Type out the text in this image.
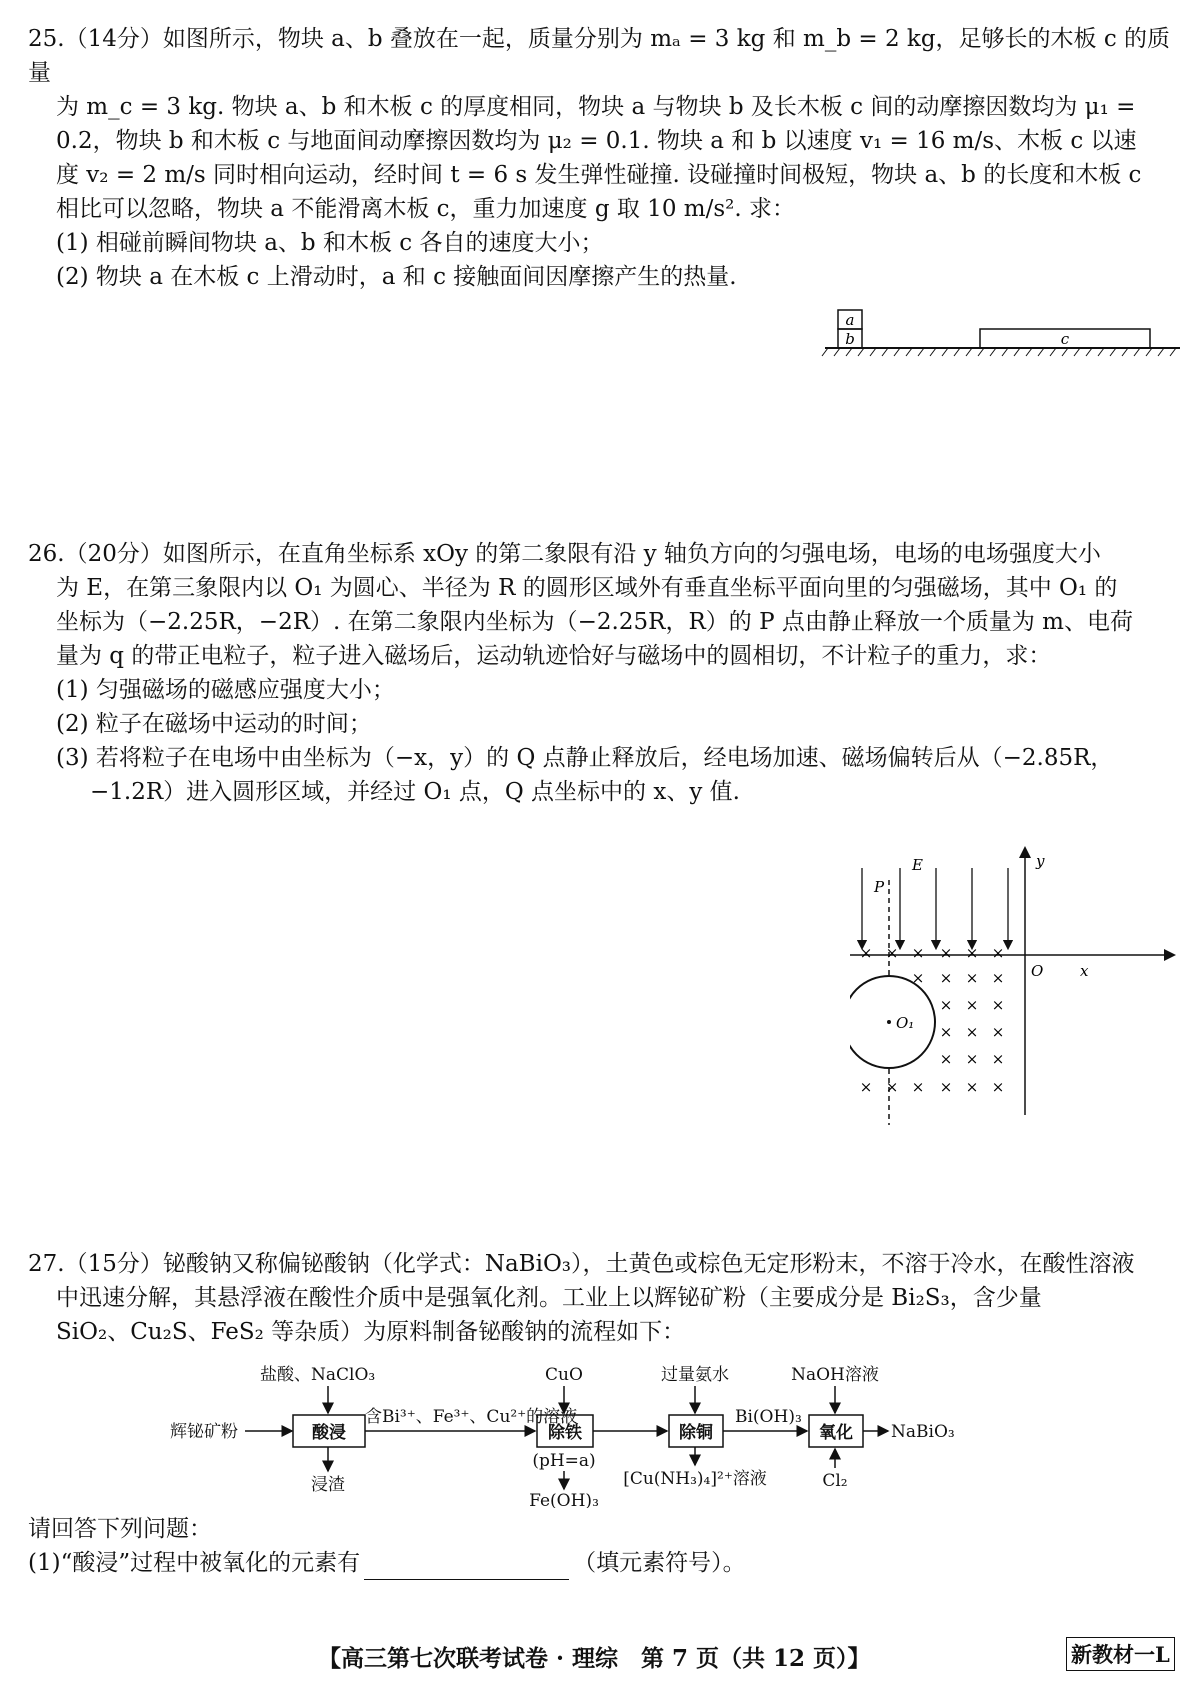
25.（14分）如图所示，物块 a、b 叠放在一起，质量分别为 mₐ = 3 kg 和 m_b = 2 kg，足够长的木板 c 的质量

为 m_c = 3 kg. 物块 a、b 和木板 c 的厚度相同，物块 a 与物块 b 及长木板 c 间的动摩擦因数均为 μ₁ =

0.2，物块 b 和木板 c 与地面间动摩擦因数均为 μ₂ = 0.1. 物块 a 和 b 以速度 v₁ = 16 m/s、木板 c 以速

度 v₂ = 2 m/s 同时相向运动，经时间 t = 6 s 发生弹性碰撞. 设碰撞时间极短，物块 a、b 的长度和木板 c

相比可以忽略，物块 a 不能滑离木板 c，重力加速度 g 取 10 m/s². 求：

(1) 相碰前瞬间物块 a、b 和木板 c 各自的速度大小；

(2) 物块 a 在木板 c 上滑动时，a 和 c 接触面间因摩擦产生的热量.

a
b	c

26.（20分）如图所示，在直角坐标系 xOy 的第二象限有沿 y 轴负方向的匀强电场，电场的电场强度大小

为 E，在第三象限内以 O₁ 为圆心、半径为 R 的圆形区域外有垂直坐标平面向里的匀强磁场，其中 O₁ 的

坐标为（−2.25R，−2R）. 在第二象限内坐标为（−2.25R，R）的 P 点由静止释放一个质量为 m、电荷

量为 q 的带正电粒子，粒子进入磁场后，运动轨迹恰好与磁场中的圆相切，不计粒子的重力，求：

(1) 匀强磁场的磁感应强度大小；

(2) 粒子在磁场中运动的时间；

(3) 若将粒子在电场中由坐标为（−x，y）的 Q 点静止释放后，经电场加速、磁场偏转后从（−2.85R，

−1.2R）进入圆形区域，并经过 O₁ 点，Q 点坐标中的 x、y 值.

y
x
O
E
P
O₁
× × × × × ×
× × × ×
× × ×
× × ×
× × ×
× × × × × ×

27.（15分）铋酸钠又称偏铋酸钠（化学式：NaBiO₃），土黄色或棕色无定形粉末，不溶于冷水，在酸性溶液

中迅速分解，其悬浮液在酸性介质中是强氧化剂。工业上以辉铋矿粉（主要成分是 Bi₂S₃，含少量

SiO₂、Cu₂S、FeS₂ 等杂质）为原料制备铋酸钠的流程如下：

辉铋矿粉
盐酸、NaClO₃
酸浸
浸渣
含Bi³⁺、Fe³⁺、Cu²⁺的溶液
CuO
除铁
(pH=a)
Fe(OH)₃
过量氨水
除铜
[Cu(NH₃)₄]²⁺溶液
Bi(OH)₃
NaOH溶液
氧化
Cl₂
NaBiO₃

请回答下列问题：

(1)“酸浸”过程中被氧化的元素有	（填元素符号）。

【高三第七次联考试卷 · 理综　第 7 页（共 12 页）】	新教材一L
